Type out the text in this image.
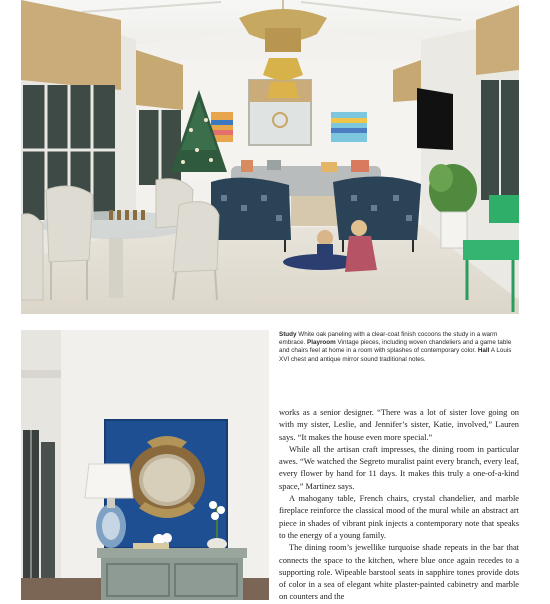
Study White oak paneling with a clear-coat finish cocoons the study in a warm embrace. Playroom Vintage pieces, including woven chandeliers and a game table and chairs feel at home in a room with splashes of contemporary color. Hall A Louis XVI chest and antique mirror sound traditional notes.

works as a senior designer. “There was a lot of sister love going on with my sister, Leslie, and Jennifer’s sister, Katie, involved,” Lauren says. “It makes the house even more special.”

While all the artisan craft impresses, the dining room in particular awes. “We watched the Segreto muralist paint every branch, every leaf, every flower by hand for 11 days. It makes this truly a one-of-a-kind space,” Martinez says.

A mahogany table, French chairs, crystal chandelier, and marble fireplace reinforce the classical mood of the mural while an abstract art piece in shades of vibrant pink injects a contemporary note that speaks to the energy of a young family.

The dining room’s jewellike turquoise shade repeats in the bar that connects the space to the kitchen, where blue once again recedes to a supporting role. Wipeable barstool seats in sapphire tones provide dots of color in a sea of elegant white plaster-painted cabinetry and marble on counters and the
